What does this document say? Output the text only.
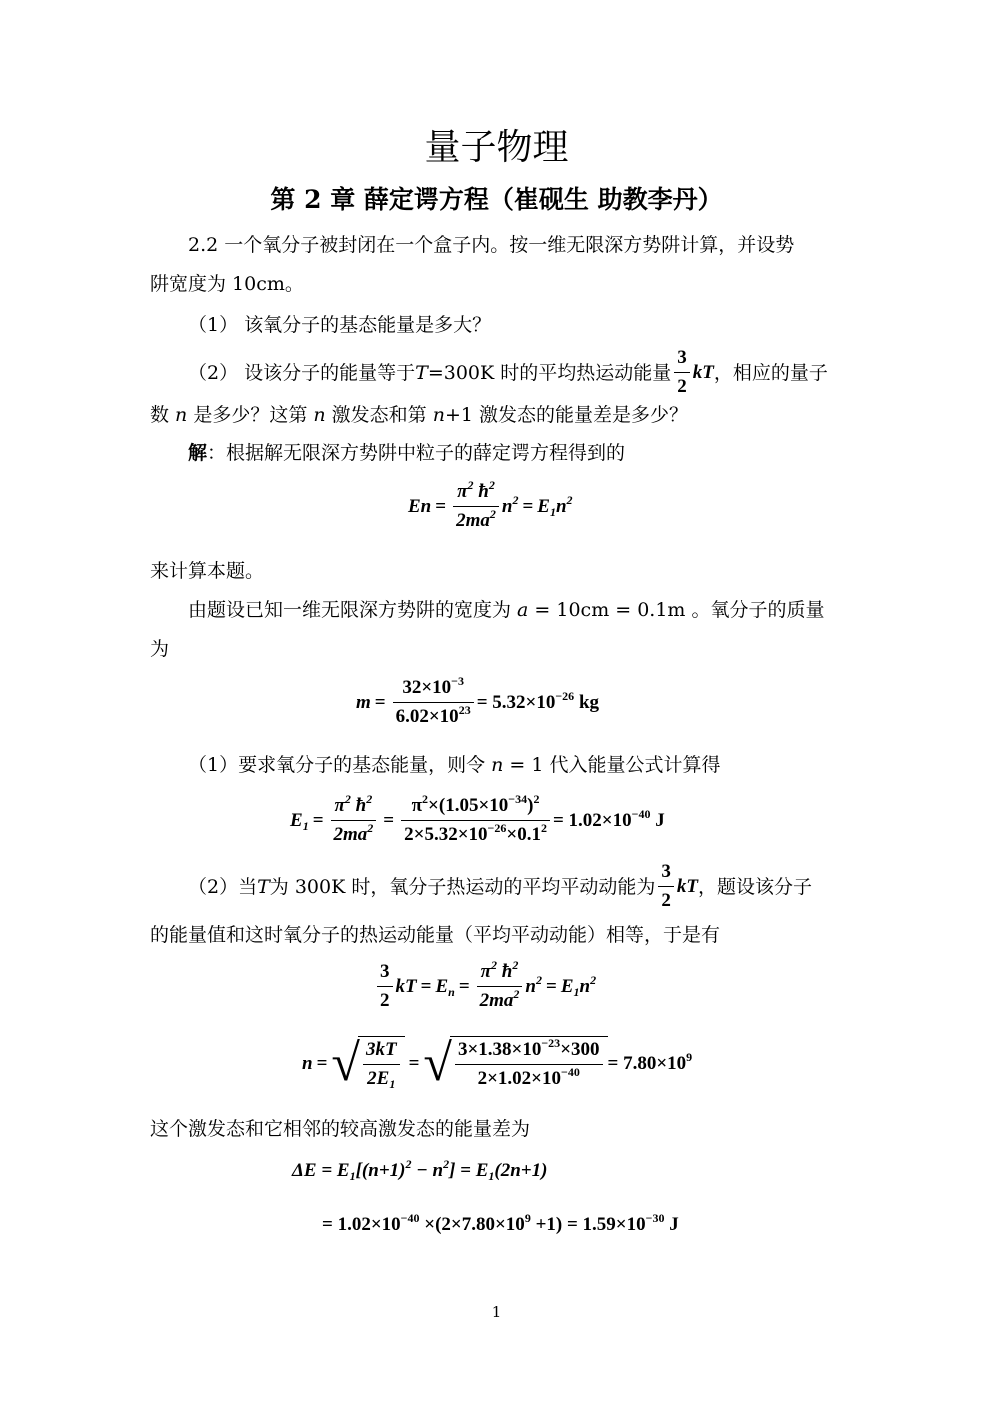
量子物理
第 2 章 薛定谔方程（崔砚生 助教李丹）
2.2 一个氧分子被封闭在一个盒子内。按一维无限深方势阱计算，并设势
阱宽度为 10cm。
（1） 该氧分子的基态能量是多大？
（2） 设该分子的能量等于 T =300K 时的平均热运动能量 $\frac{3}{2}$ kT ，相应的量子
数 n 是多少？这第 n 激发态和第 n+1 激发态的能量差是多少？
解：根据解无限深方势阱中粒子的薛定谔方程得到的
$En = \frac{\pi^2 ħ^2}{2ma^2} n^2 = E_1n^2$
来计算本题。
由题设已知一维无限深方势阱的宽度为 a = 10cm = 0.1m 。氧分子的质量
为
$m = \frac{32\times 10^{-3}}{6.02\times 10^{23}} = 5.32\times 10^{-26}$ kg
（1）要求氧分子的基态能量，则令 n = 1 代入能量公式计算得
$E_1 = \frac{\pi^2 ħ^2}{2ma^2} = \frac{\pi^2\times(1.05\times 10^{-34})^2}{2\times 5.32\times 10^{-26}\times 0.1^2} = 1.02\times 10^{-40}$ J
（2）当 T 为 300K 时，氧分子热运动的平均平动动能为 $\frac{3}{2}$ kT ，题设该分子
的能量值和这时氧分子的热运动能量（平均平动动能）相等，于是有
$\frac{3}{2}$ kT = $E_n = \frac{\pi^2 ħ^2}{2ma^2} n^2 = E_1n^2$
n = √ $\frac{3kT}{2E_1}$ = √ $\frac{3\times 1.38\times 10^{-23}\times 300}{2\times 1.02\times 10^{-40}} = 7.80\times 10^9$
这个激发态和它相邻的较高激发态的能量差为
$\Delta E = E_1[(n+1)^2 - n^2] = E_1(2n+1)$
= $1.02\times 10^{-40} \times(2\times 7.80\times 10^9 +1) = 1.59\times 10^{-30}$ J
1
